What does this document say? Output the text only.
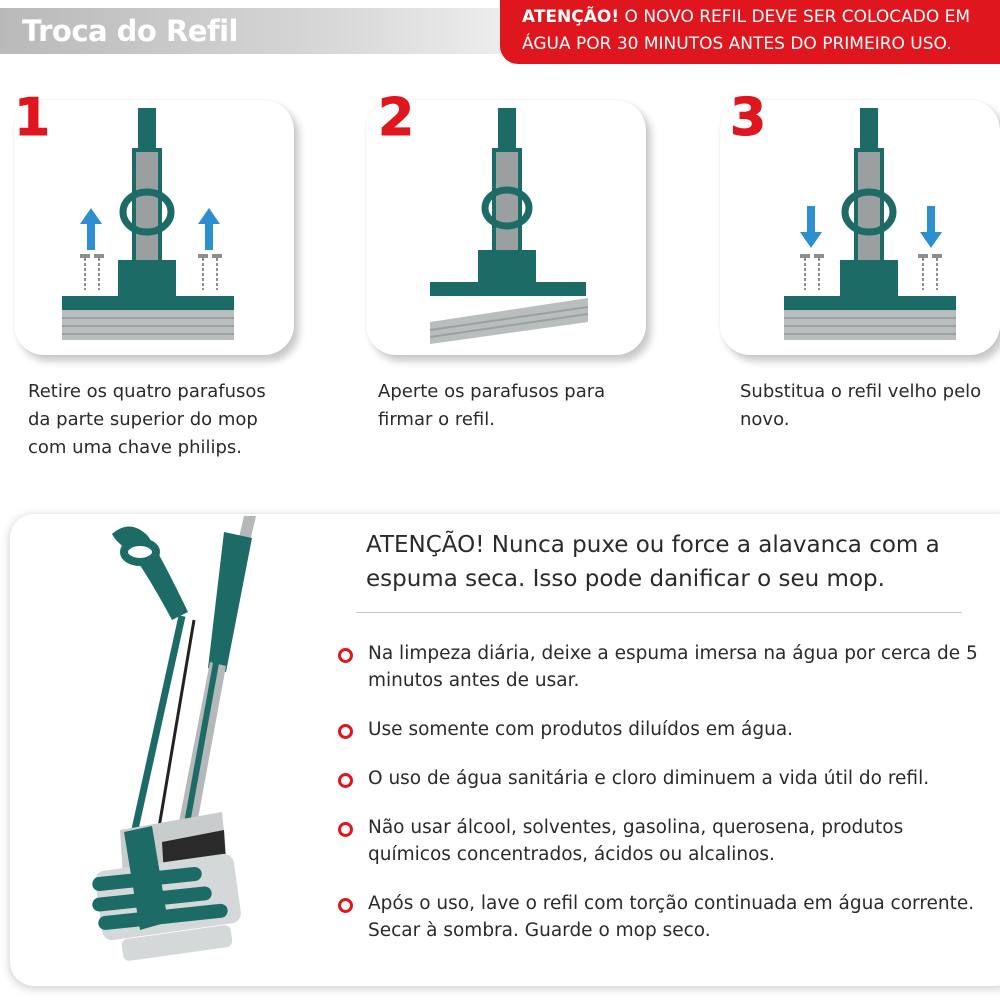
Troca do Refil	ATENÇÃO! O NOVO REFIL DEVE SER COLOCADO EM
ÁGUA POR 30 MINUTOS ANTES DO PRIMEIRO USO.
1	2	3
Retire os quatro parafusos
da parte superior do mop
com uma chave philips.
Aperte os parafusos para
firmar o refil.
Substitua o refil velho pelo
novo.
ATENÇÃO! Nunca puxe ou force a alavanca com a espuma seca. Isso pode danificar o seu mop.
Na limpeza diária, deixe a espuma imersa na água por cerca de 5 minutos antes de usar.
Use somente com produtos diluídos em água.
O uso de água sanitária e cloro diminuem a vida útil do refil.
Não usar álcool, solventes, gasolina, querosena, produtos químicos concentrados, ácidos ou alcalinos.
Após o uso, lave o refil com torção continuada em água corrente. Secar à sombra. Guarde o mop seco.
